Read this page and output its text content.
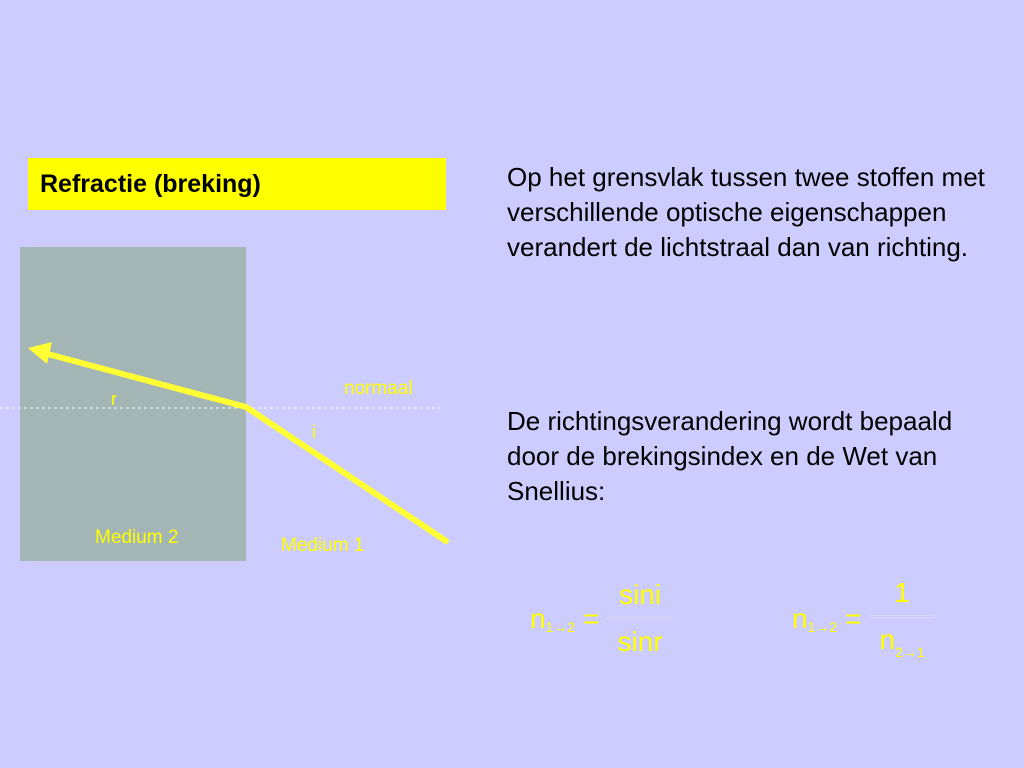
Refractie (breking)
r
i
normaal
Medium 2	Medium 1

Op het grensvlak tussen twee stoffen met verschillende optische eigenschappen verandert de lichtstraal dan van richting.

De richtingsverandering wordt bepaald door de brekingsindex en de Wet van Snellius:

n $1\to 2 = \frac{\sin i}{\sin r}$	n $1\to 2 = \frac{1}{n_{2\to 1}}$
